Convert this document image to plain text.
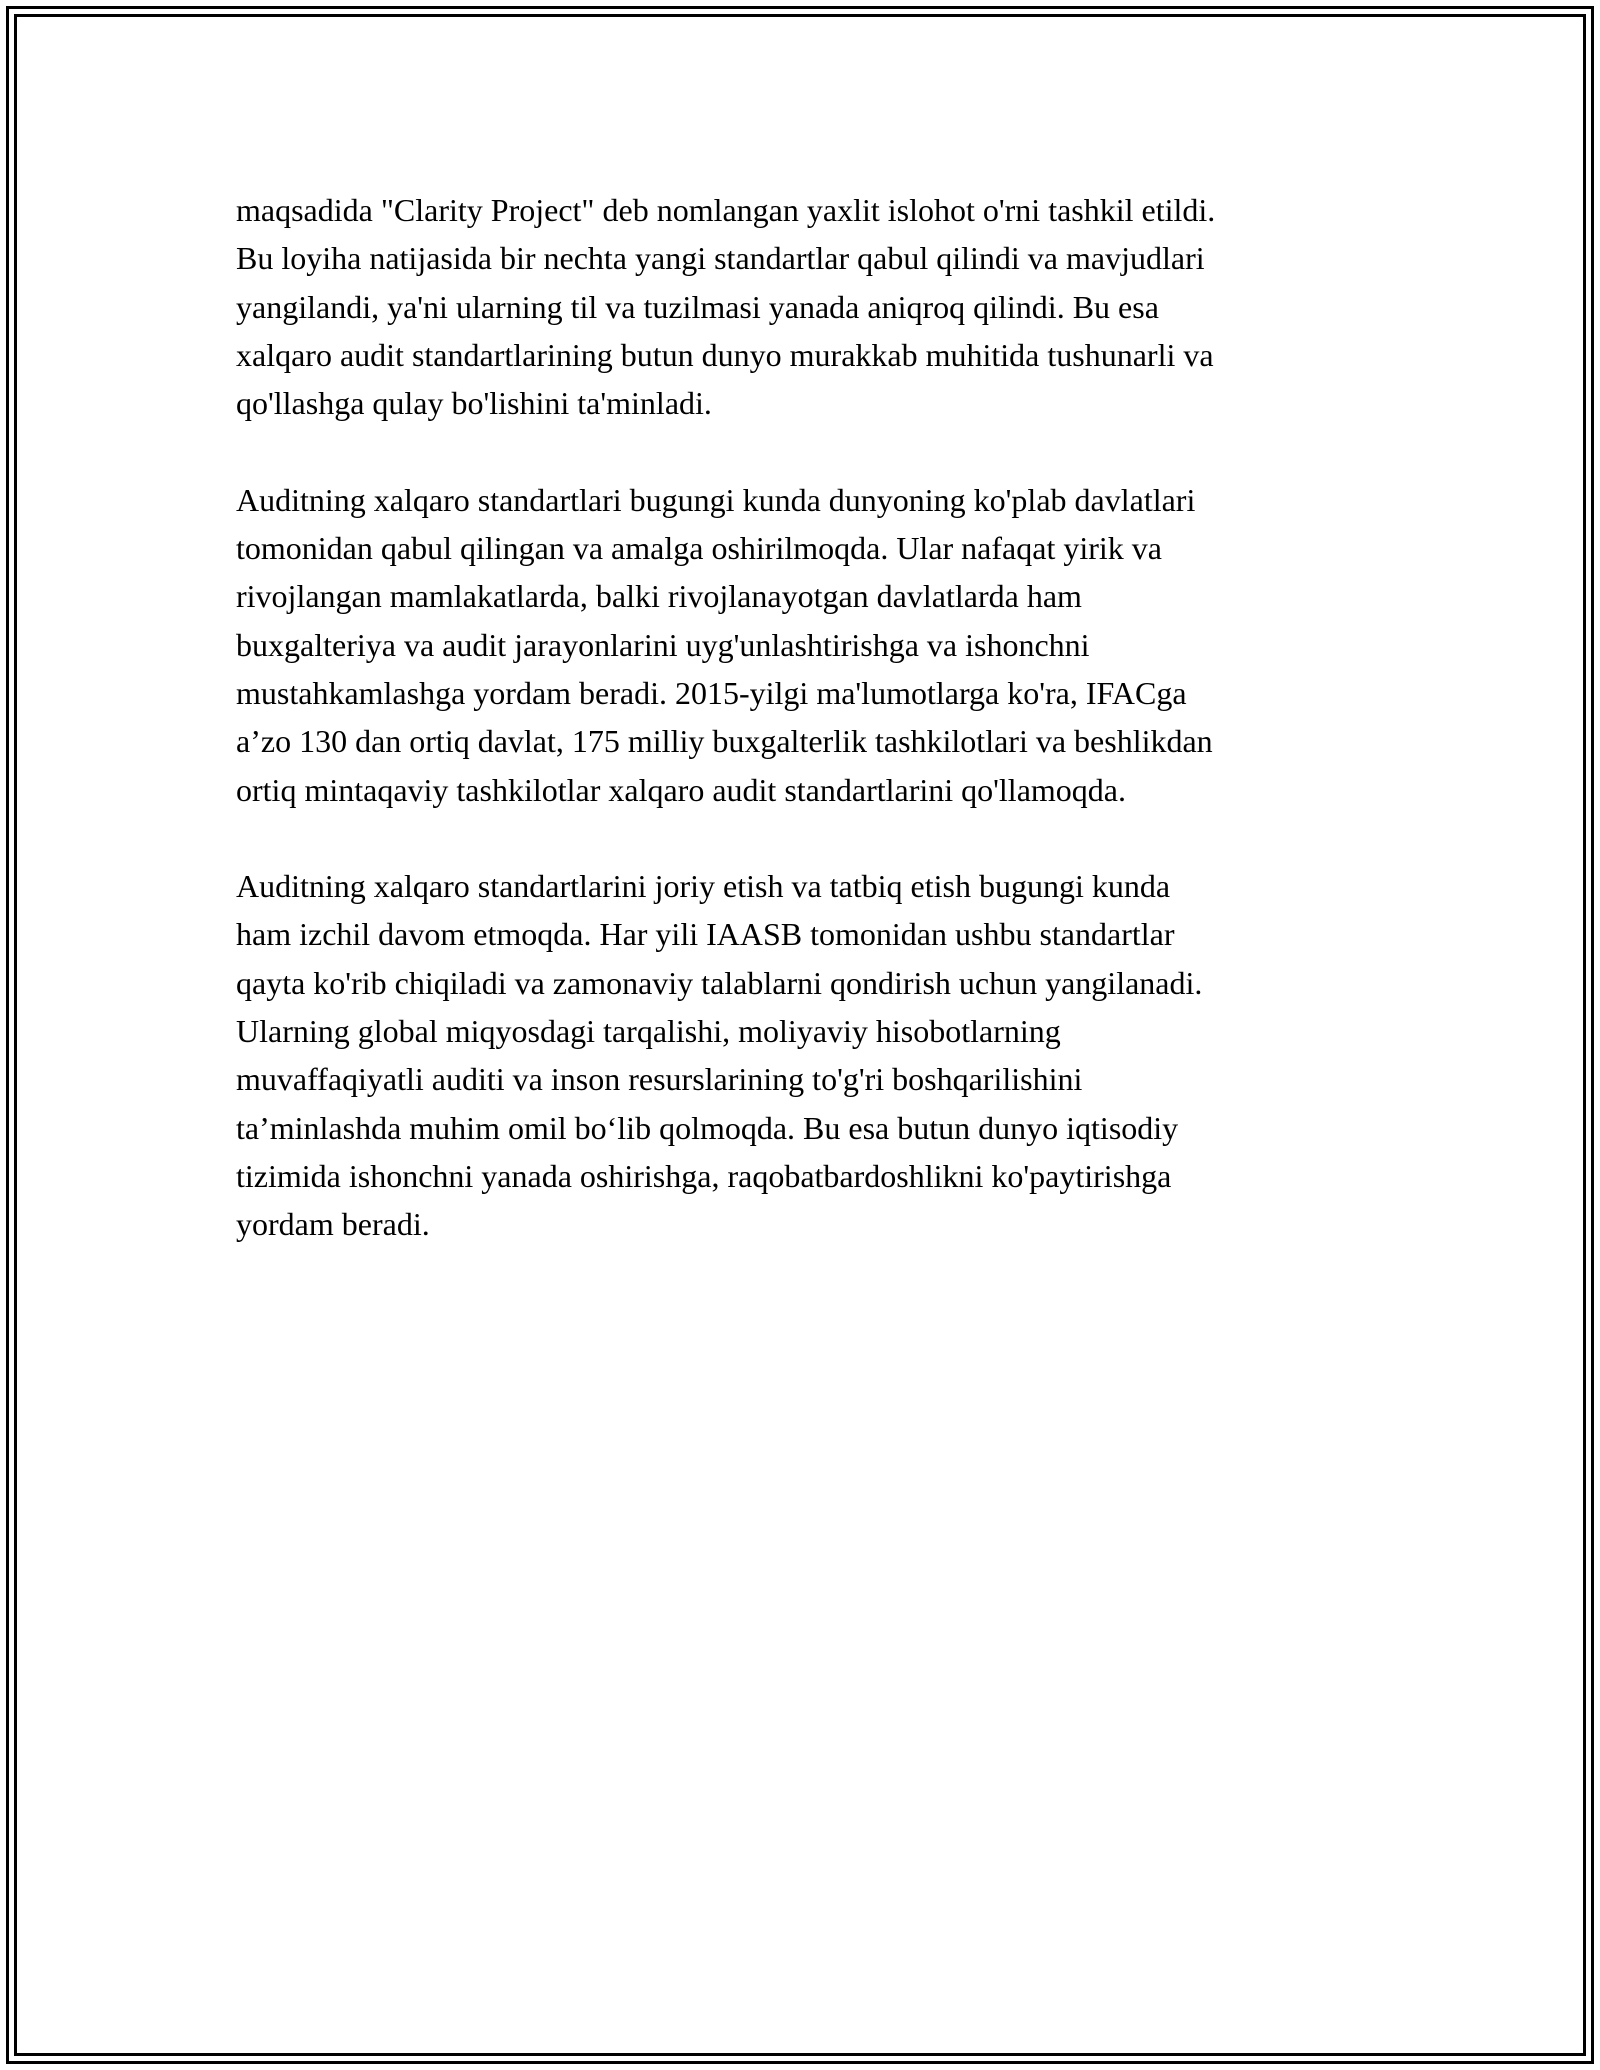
maqsadida "Clarity Project" deb nomlangan yaxlit islohot o'rni tashkil etildi.
Bu loyiha natijasida bir nechta yangi standartlar qabul qilindi va mavjudlari
yangilandi, ya'ni ularning til va tuzilmasi yanada aniqroq qilindi. Bu esa
xalqaro audit standartlarining butun dunyo murakkab muhitida tushunarli va
qo'llashga qulay bo'lishini ta'minladi.

Auditning xalqaro standartlari bugungi kunda dunyoning ko'plab davlatlari
tomonidan qabul qilingan va amalga oshirilmoqda. Ular nafaqat yirik va
rivojlangan mamlakatlarda, balki rivojlanayotgan davlatlarda ham
buxgalteriya va audit jarayonlarini uyg'unlashtirishga va ishonchni
mustahkamlashga yordam beradi. 2015-yilgi ma'lumotlarga ko'ra, IFACga
a’zo 130 dan ortiq davlat, 175 milliy buxgalterlik tashkilotlari va beshlikdan
ortiq mintaqaviy tashkilotlar xalqaro audit standartlarini qo'llamoqda.

Auditning xalqaro standartlarini joriy etish va tatbiq etish bugungi kunda
ham izchil davom etmoqda. Har yili IAASB tomonidan ushbu standartlar
qayta ko'rib chiqiladi va zamonaviy talablarni qondirish uchun yangilanadi.
Ularning global miqyosdagi tarqalishi, moliyaviy hisobotlarning
muvaffaqiyatli auditi va inson resurslarining to'g'ri boshqarilishini
ta’minlashda muhim omil bo‘lib qolmoqda. Bu esa butun dunyo iqtisodiy
tizimida ishonchni yanada oshirishga, raqobatbardoshlikni ko'paytirishga
yordam beradi.
